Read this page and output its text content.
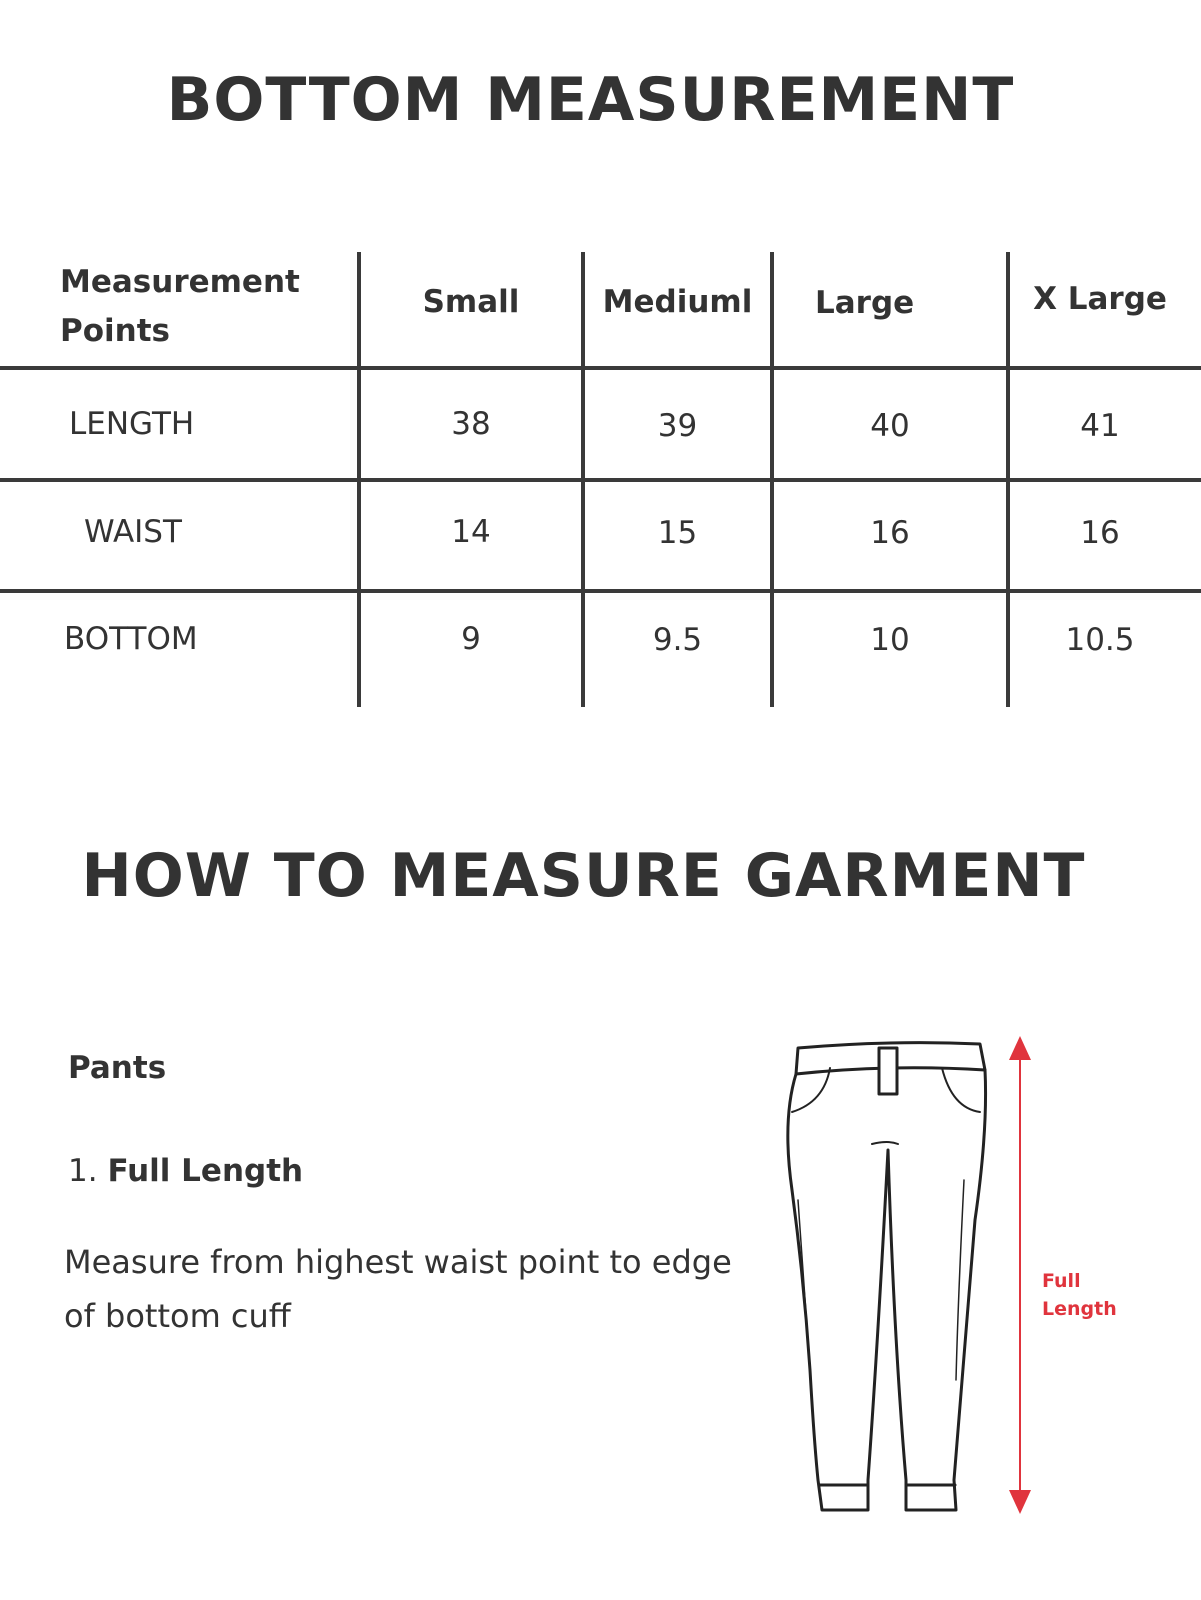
BOTTOM MEASUREMENT
Measurement
Points
Small	Mediuml	Large	X Large
LENGTH	38	39	40	41
WAIST	14	15	16	16
BOTTOM	9	9.5	10	10.5
HOW TO MEASURE GARMENT
Pants
1. Full Length
Measure from highest waist point to edge of bottom cuff
Full
Length
